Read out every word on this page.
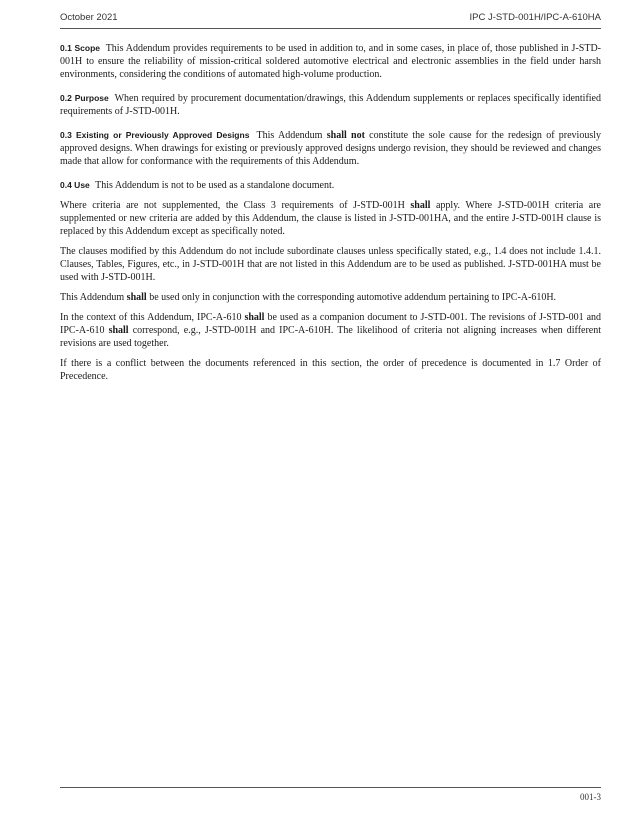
October 2021	IPC J-STD-001H/IPC-A-610HA

0.1 Scope This Addendum provides requirements to be used in addition to, and in some cases, in place of, those published in J-STD-001H to ensure the reliability of mission-critical soldered automotive electrical and electronic assemblies in the field under harsh environments, considering the conditions of automated high-volume production.

0.2 Purpose When required by procurement documentation/drawings, this Addendum supplements or replaces specifically identified requirements of J-STD-001H.

0.3 Existing or Previously Approved Designs This Addendum shall not constitute the sole cause for the redesign of previously approved designs. When drawings for existing or previously approved designs undergo revision, they should be reviewed and changes made that allow for conformance with the requirements of this Addendum.

0.4 Use This Addendum is not to be used as a standalone document.

Where criteria are not supplemented, the Class 3 requirements of J-STD-001H shall apply. Where J-STD-001H criteria are supplemented or new criteria are added by this Addendum, the clause is listed in J-STD-001HA, and the entire J-STD-001H clause is replaced by this Addendum except as specifically noted.

The clauses modified by this Addendum do not include subordinate clauses unless specifically stated, e.g., 1.4 does not include 1.4.1. Clauses, Tables, Figures, etc., in J-STD-001H that are not listed in this Addendum are to be used as published. J-STD-001HA must be used with J-STD-001H.

This Addendum shall be used only in conjunction with the corresponding automotive addendum pertaining to IPC-A-610H.

In the context of this Addendum, IPC-A-610 shall be used as a companion document to J-STD-001. The revisions of J-STD-001 and IPC-A-610 shall correspond, e.g., J-STD-001H and IPC-A-610H. The likelihood of criteria not aligning increases when different revisions are used together.

If there is a conflict between the documents referenced in this section, the order of precedence is documented in 1.7 Order of Precedence.

001-3
